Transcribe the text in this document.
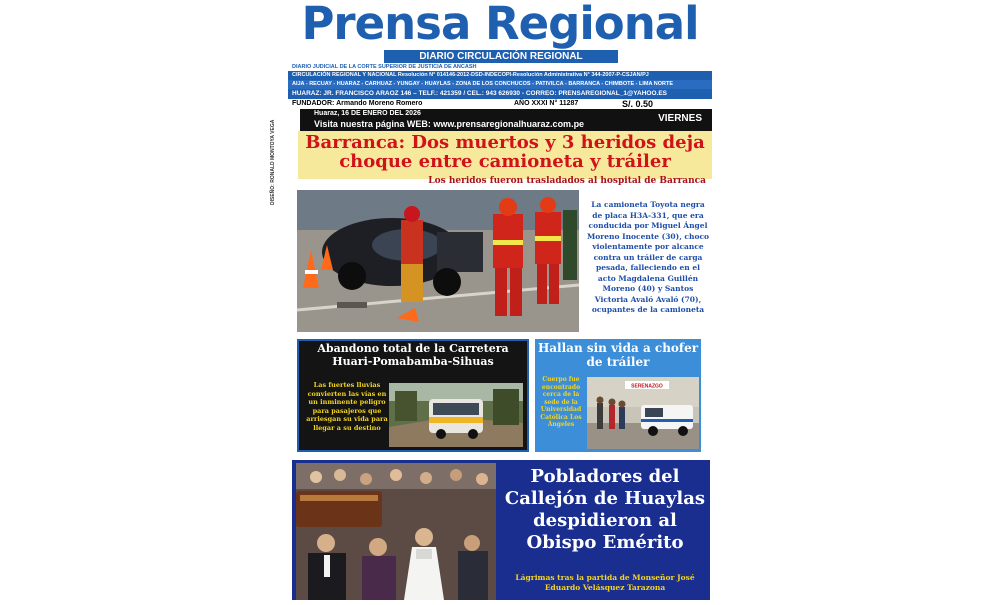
Prensa Regional
DIARIO CIRCULACIÓN REGIONAL
DIARIO JUDICIAL DE LA CORTE SUPERIOR DE JUSTICIA DE ANCASH
CIRCULACIÓN REGIONAL Y NACIONAL Resolución N° 014146-2012-DSD-INDECOPI-Resolución Administrativa N° 344-2007-P-CSJAN/PJ
AIJA - RECUAY - HUARAZ - CARHUAZ - YUNGAY - HUAYLAS - ZONA DE LOS CONCHUCOS - PATIVILCA - BARRANCA - CHIMBOTE - LIMA NORTE
HUARAZ: JR. FRANCISCO ARAOZ 146 – TELF.: 421359 / CEL.: 943 626930 - CORREO: PRENSAREGIONAL_1@YAHOO.ES
FUNDADOR: Armando Moreno Romero	AÑO XXXI N° 11287	S/. 0.50
Huaraz, 16 DE ENERO DEL 2026
Visita nuestra página WEB: www.prensaregionalhuaraz.com.pe	VIERNES
Barranca: Dos muertos y 3 heridos deja
choque entre camioneta y tráiler
Los heridos fueron trasladados al hospital de Barranca
DISEÑO: RONALD MONTOYA VEGA	La camioneta Toyota negra de placa H3A-331, que era conducida por Miguel Ángel Moreno Inocente (30), choco violentamente por alcance contra un tráiler de carga pesada, falleciendo en el acto Magdalena Guillén Moreno (40) y Santos Victoria Avaló Avaló (70), ocupantes de la camioneta
Abandono total de la Carretera Huari-Pomabamba-Sihuas
Las fuertes lluvias convierten las vías en un inminente peligro para pasajeros que arriesgan su vida para llegar a su destino
Hallan sin vida a chofer de tráiler
Cuerpo fue encontrado cerca de la sede de la Universidad Católica Los Ángeles
SERENAZGO
Pobladores del Callejón de Huaylas despidieron al Obispo Emérito
Lágrimas tras la partida de Monseñor José Eduardo Velásquez Tarazona
